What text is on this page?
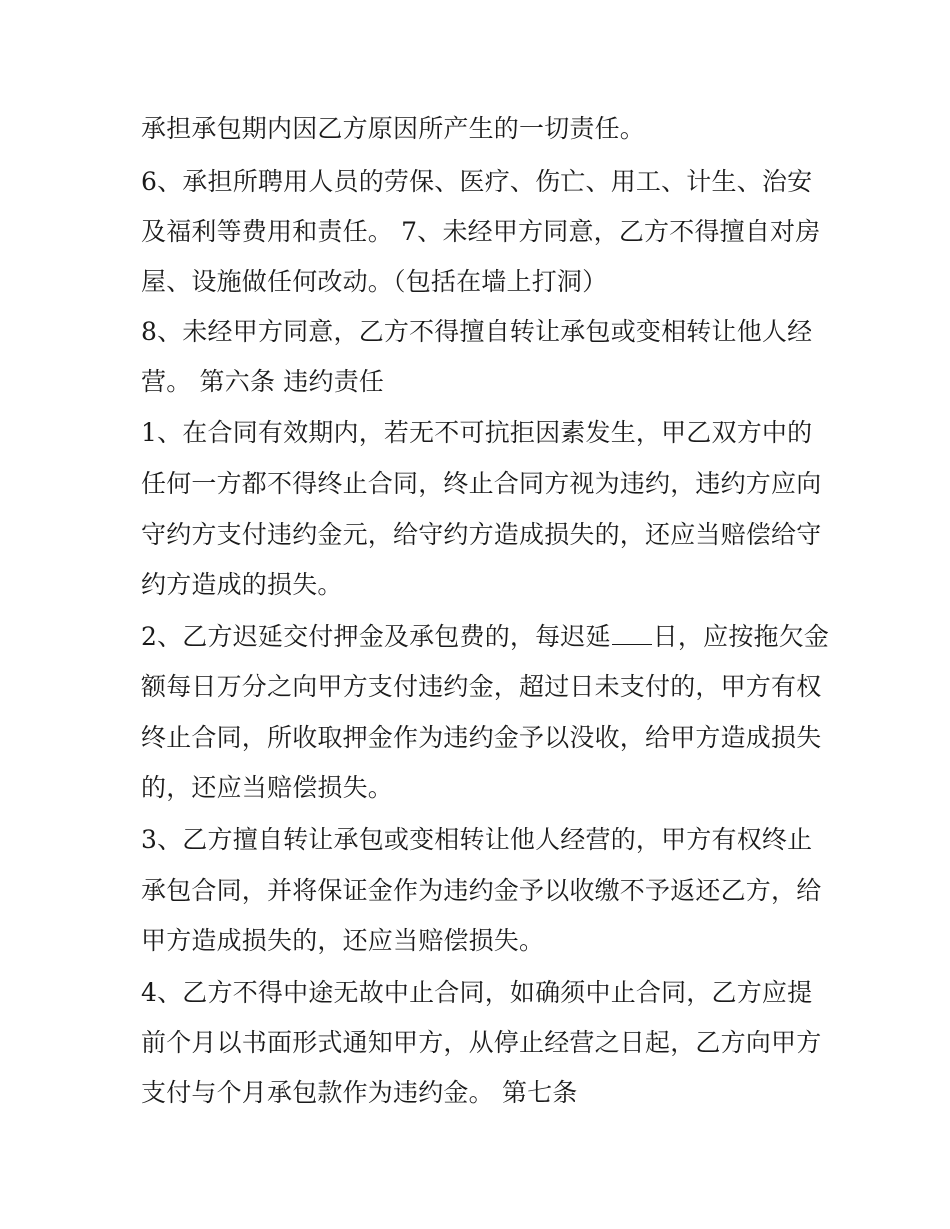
承担承包期内因乙方原因所产生的一切责任。
6、承担所聘用人员的劳保、医疗、伤亡、用工、计生、治安
及福利等费用和责任。 7、未经甲方同意，乙方不得擅自对房
屋、设施做任何改动。（包括在墙上打洞）
8、未经甲方同意，乙方不得擅自转让承包或变相转让他人经
营。 第六条 违约责任
1、在合同有效期内，若无不可抗拒因素发生，甲乙双方中的
任何一方都不得终止合同，终止合同方视为违约，违约方应向
守约方支付违约金元，给守约方造成损失的，还应当赔偿给守
约方造成的损失。
2、乙方迟延交付押金及承包费的，每迟延 日，应按拖欠金
额每日万分之向甲方支付违约金，超过日未支付的，甲方有权
终止合同，所收取押金作为违约金予以没收，给甲方造成损失
的，还应当赔偿损失。
3、乙方擅自转让承包或变相转让他人经营的，甲方有权终止
承包合同，并将保证金作为违约金予以收缴不予返还乙方，给
甲方造成损失的，还应当赔偿损失。
4、乙方不得中途无故中止合同，如确须中止合同，乙方应提
前个月以书面形式通知甲方，从停止经营之日起，乙方向甲方
支付与个月承包款作为违约金。 第七条
